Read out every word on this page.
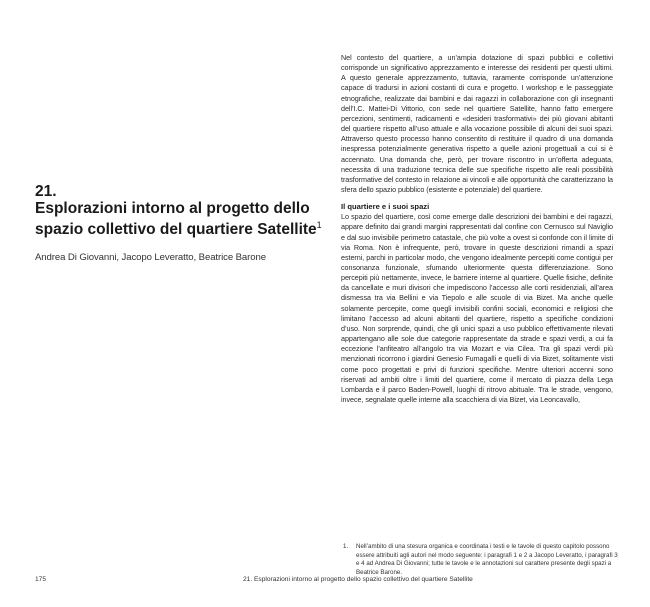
21.
Esplorazioni intorno al progetto dello spazio collettivo del quartiere Satellite$^1$
Andrea Di Giovanni, Jacopo Leveratto, Beatrice Barone

Nel contesto del quartiere, a un’ampia dotazione di spazi pubblici e collettivi corrisponde un significativo apprezzamento e interesse dei residenti per questi ultimi. A questo generale apprezzamento, tuttavia, raramente corrisponde un’attenzione capace di tradursi in azioni costanti di cura e progetto. I workshop e le passeggiate etnografiche, realizzate dai bambini e dai ragazzi in collaborazione con gli insegnanti dell’I.C. Mattei-Di Vittorio, con sede nel quartiere Satellite, hanno fatto emergere percezioni, sentimenti, radicamenti e «desideri trasformativi» dei più giovani abitanti del quartiere rispetto all’uso attuale e alla vocazione possibile di alcuni dei suoi spazi. Attraverso questo processo hanno consentito di restituire il quadro di una domanda inespressa potenzialmente generativa rispetto a quelle azioni progettuali a cui si è accennato. Una domanda che, però, per trovare riscontro in un’offerta adeguata, necessita di una traduzione tecnica delle sue specifiche rispetto alle reali possibilità trasformative del contesto in relazione ai vincoli e alle opportunità che caratterizzano la sfera dello spazio pubblico (esistente e potenziale) del quartiere.

Il quartiere e i suoi spazi

Lo spazio del quartiere, così come emerge dalle descrizioni dei bambini e dei ragazzi, appare definito dai grandi margini rappresentati dal confine con Cernusco sul Naviglio e dal suo invisibile perimetro catastale, che più volte a ovest si confonde con il limite di via Roma. Non è infrequente, però, trovare in queste descrizioni rimandi a spazi esterni, parchi in particolar modo, che vengono idealmente percepiti come contigui per consonanza funzionale, sfumando ulteriormente questa differenziazione. Sono percepiti più nettamente, invece, le barriere interne al quartiere. Quelle fisiche, definite da cancellate e muri divisori che impediscono l’accesso alle corti residenziali, all’area dismessa tra via Bellini e via Tiepolo e alle scuole di via Bizet. Ma anche quelle solamente percepite, come quegli invisibili confini sociali, economici e religiosi che limitano l’accesso ad alcuni abitanti del quartiere, rispetto a specifiche condizioni d’uso. Non sorprende, quindi, che gli unici spazi a uso pubblico effettivamente rilevati appartengano alle sole due categorie rappresentate da strade e spazi verdi, a cui fa eccezione l’anfiteatro all’angolo tra via Mozart e via Cilea. Tra gli spazi verdi più menzionati ricorrono i giardini Genesio Fumagalli e quelli di via Bizet, solitamente visti come poco progettati e privi di funzioni specifiche. Mentre ulteriori accenni sono riservati ad ambiti oltre i limiti del quartiere, come il mercato di piazza della Lega Lombarda e il parco Baden-Powell, luoghi di ritrovo abituale. Tra le strade, vengono, invece, segnalate quelle interne alla scacchiera di via Bizet, via Leoncavallo,

1. Nell’ambito di una stesura organica e coordinata i testi e le tavole di questo capitolo possono essere attribuiti agli autori nel modo seguente: i paragrafi 1 e 2 a Jacopo Leveratto, i paragrafi 3 e 4 ad Andrea Di Giovanni; tutte le tavole e le annotazioni sul carattere presente degli spazi a Beatrice Barone.
175	21. Esplorazioni intorno al progetto dello spazio collettivo del quartiere Satellite
